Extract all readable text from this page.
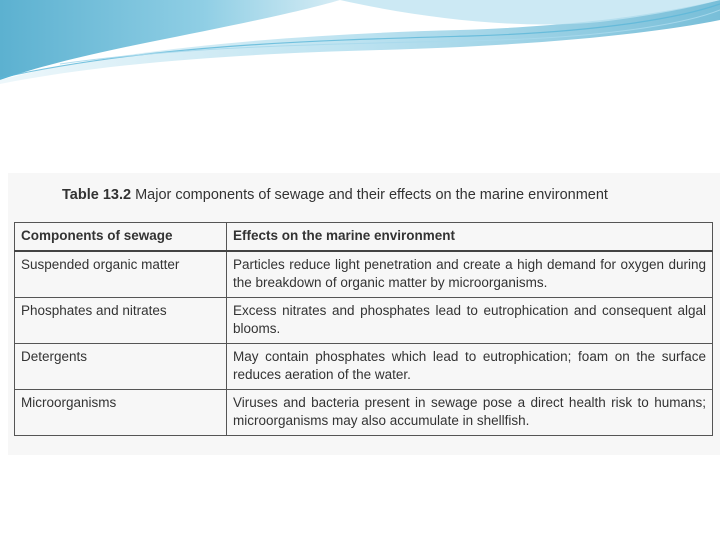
Table 13.2 Major components of sewage and their effects on the marine environment
Components of sewage	Effects on the marine environment
Suspended organic matter	Particles reduce light penetration and create a high demand for oxygen during the breakdown of organic matter by microorganisms.
Phosphates and nitrates	Excess nitrates and phosphates lead to eutrophication and consequent algal blooms.
Detergents	May contain phosphates which lead to eutrophication; foam on the surface reduces aeration of the water.
Microorganisms	Viruses and bacteria present in sewage pose a direct health risk to humans; microorganisms may also accumulate in shellfish.
